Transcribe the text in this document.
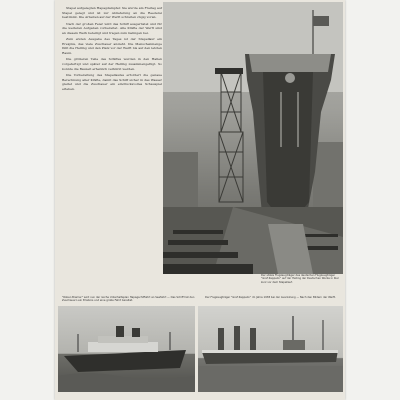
Stapel aufgelegten Hapagdampfer. Sie wurde am Freitag auf Stapel gelegt und ist zur Ablieferung an die Reederei bestimmt. Die Arbeiten auf der Werft schreiten zügig voran.

Nach der großen Feier wird das Schiff ausgerüstet und für die weiteren Aufgaben vorbereitet. Alle Kräfte der Werft sind an diesem Werk beteiligt und tragen zum Gelingen bei.

Zum ersten Ausgabe des Tages ist der Stapellauf ein Ereignis, das viele Zuschauer anzieht. Die Menschenmenge füllt die Helling und den Platz vor der Werft bis auf den letzten Raum.

Die größeren Teile des Schiffes wurden in den Hallen vorgefertigt und später auf der Helling zusammengefügt. So konnte die Bauzeit erheblich verkürzt werden.

Die Vorbereitung des Stapellaufes erfordert die genaue Berechnung aller Kräfte, damit das Schiff sicher in das Wasser gleitet und die Zuschauer ein eindrucksvolles Schauspiel erleben.

Der stolze Flugzeugträger des deutschen Flugzeugträger "Graf Zeppelin" auf der Helling der Deutschen Werke in Kiel kurz vor dem Stapellauf.
"Roben Bremer" wird nun der reiche Unterhaltsplan Hapagschiffahrt an Seefahrt — Das Schiff hat den Zuschauern ein Erlebnis und eine große Fahrt bereitet.
Der Flugzeugträger "Graf Zeppelin" im Jahre 1938 bei der Ausrüstung — Nach den Bildern der Werft.
